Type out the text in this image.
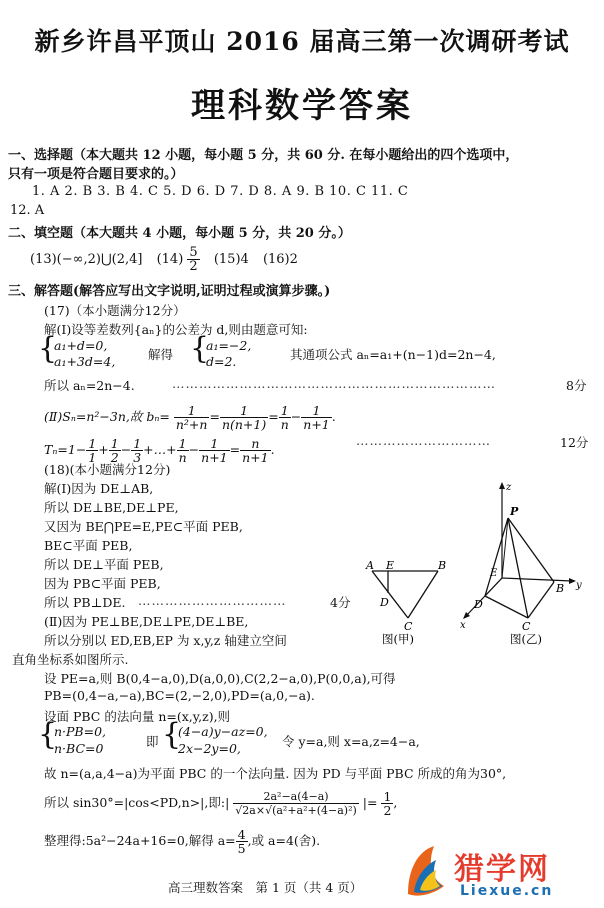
新乡许昌平顶山 2016 届高三第一次调研考试
理科数学答案
一、选择题（本大题共 12 小题，每小题 5 分，共 60 分. 在每小题给出的四个选项中，
只有一项是符合题目要求的。）
1. A 2. B 3. B 4. C 5. D 6. D 7. D 8. A 9. B 10. C 11. C
12. A
二、填空题（本大题共 4 小题，每小题 5 分，共 20 分。）
(13)(−∞,2)⋃(2,4] $(14) \frac{5}{2} (15)4$ (16)2
三、解答题(解答应写出文字说明,证明过程或演算步骤。)
(17)（本小题满分12分）
解(Ⅰ)设等差数列{aₙ}的公差为 d,则由题意可知:
{
a₁+d=0,
a₁+3d=4,	解得 {
a₁=−2,
d=2.	其通项公式 aₙ=a₁+(n−1)d=2n−4,
所以 aₙ=2n−4.	………………………………………………………………	8分
(Ⅱ)Sₙ=n²−3n,故 $b_n= \frac{1}{\text{n²+n}} = \frac{1}{n(n+1)} = \frac{1}{n} - \frac{1}{n+1}$ .
$T_n=1- \frac{1}{1} + \frac{1}{2} - \frac{1}{3}$ +…+ $\frac{1}{n} - \frac{1}{n+1} = \frac{n}{n+1}$ .
…………………………	12分
(18)(本小题满分12分)
解(Ⅰ)因为 DE⊥AB,
所以 DE⊥BE,DE⊥PE,
又因为 BE⋂PE=E,PE⊂平面 PEB,
BE⊂平面 PEB,
所以 DE⊥平面 PEB,
因为 PB⊂平面 PEB,
所以 PB⊥DE. ……………………………	4分
(Ⅱ)因为 PE⊥BE,DE⊥PE,DE⊥BE,
所以分别以 ED,EB,EP 为 x,y,z 轴建立空间
直角坐标系如图所示.
设 PE=a,则 B(0,4−a,0),D(a,0,0),C(2,2−a,0),P(0,0,a),可得
PB=(0,4−a,−a),BC=(2,−2,0),PD=(a,0,−a).
设面 PBC 的法向量 n=(x,y,z),则
{
n·PB=0,
n·BC=0	即 {
(4−a)y−az=0,
2x−2y=0,	令 y=a,则 x=a,z=4−a,
故 n=(a,a,4−a)为平面 PBC 的一个法向量. 因为 PD 与平面 PBC 所成的角为30°,
所以 sin30°=|cos<PD,n>|,即:| $\frac{\text{2a²−a(4−a)}}{\text{√2a×√(a²+a²+(4−a)²)}}$ |= $\frac{1}{2}$ ,
整理得:5a²−24a+16=0,解得 $a= \frac{4}{5}$ ,或 a=4(舍).
A E	B
D
C
图(甲)
z
y
x
P
E
B
D
C
图(乙)
高三理数答案　第 1 页（共 4 页）
猎学网
Liexue.cn
